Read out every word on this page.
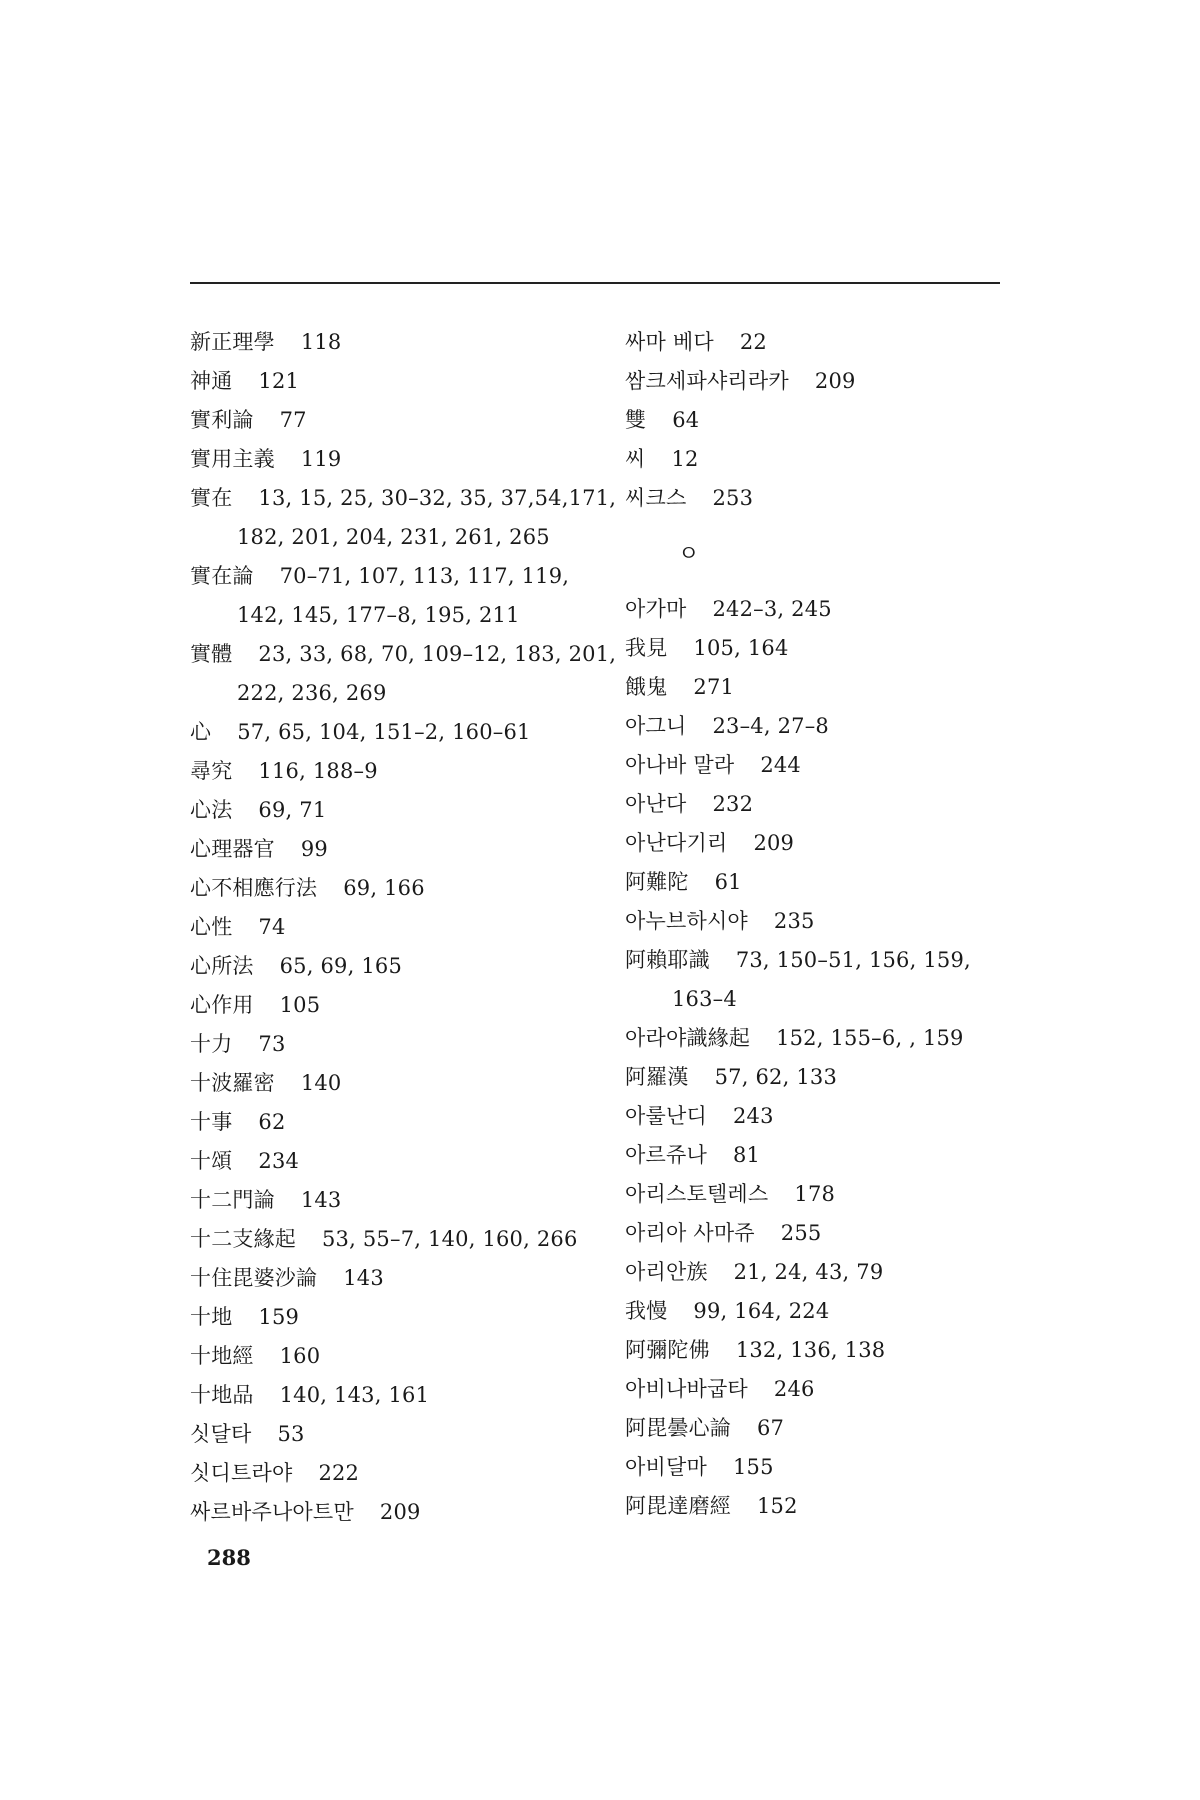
新正理學 118
神通 121
實利論 77
實用主義 119
實在 13, 15, 25, 30–32, 35, 37,54,171,
182, 201, 204, 231, 261, 265
實在論 70–71, 107, 113, 117, 119,
142, 145, 177–8, 195, 211
實體 23, 33, 68, 70, 109–12, 183, 201,
222, 236, 269
心 57, 65, 104, 151–2, 160–61
尋究 116, 188–9
心法 69, 71
心理器官 99
心不相應行法 69, 166
心性 74
心所法 65, 69, 165
心作用 105
十力 73
十波羅密 140
十事 62
十頌 234
十二門論 143
十二支緣起 53, 55–7, 140, 160, 266
十住毘婆沙論 143
十地 159
十地經 160
十地品 140, 143, 161
싯달타 53
싯디트라야 222
싸르바주나아트만 209
싸마 베다 22
쌈크세파샤리라카 209
雙 64
씨 12
씨크스 253
ㅇ
아가마 242–3, 245
我見 105, 164
餓鬼 271
아그니 23–4, 27–8
아나바 말라 244
아난다 232
아난다기리 209
阿難陀 61
아누브하시야 235
阿賴耶識 73, 150–51, 156, 159,
163–4
아라야識緣起 152, 155–6, , 159
阿羅漢 57, 62, 133
아룰난디 243
아르쥬나 81
아리스토텔레스 178
아리아 사마쥬 255
아리안族 21, 24, 43, 79
我慢 99, 164, 224
阿彌陀佛 132, 136, 138
아비나바굽타 246
阿毘曇心論 67
아비달마 155
阿毘達磨經 152
288
